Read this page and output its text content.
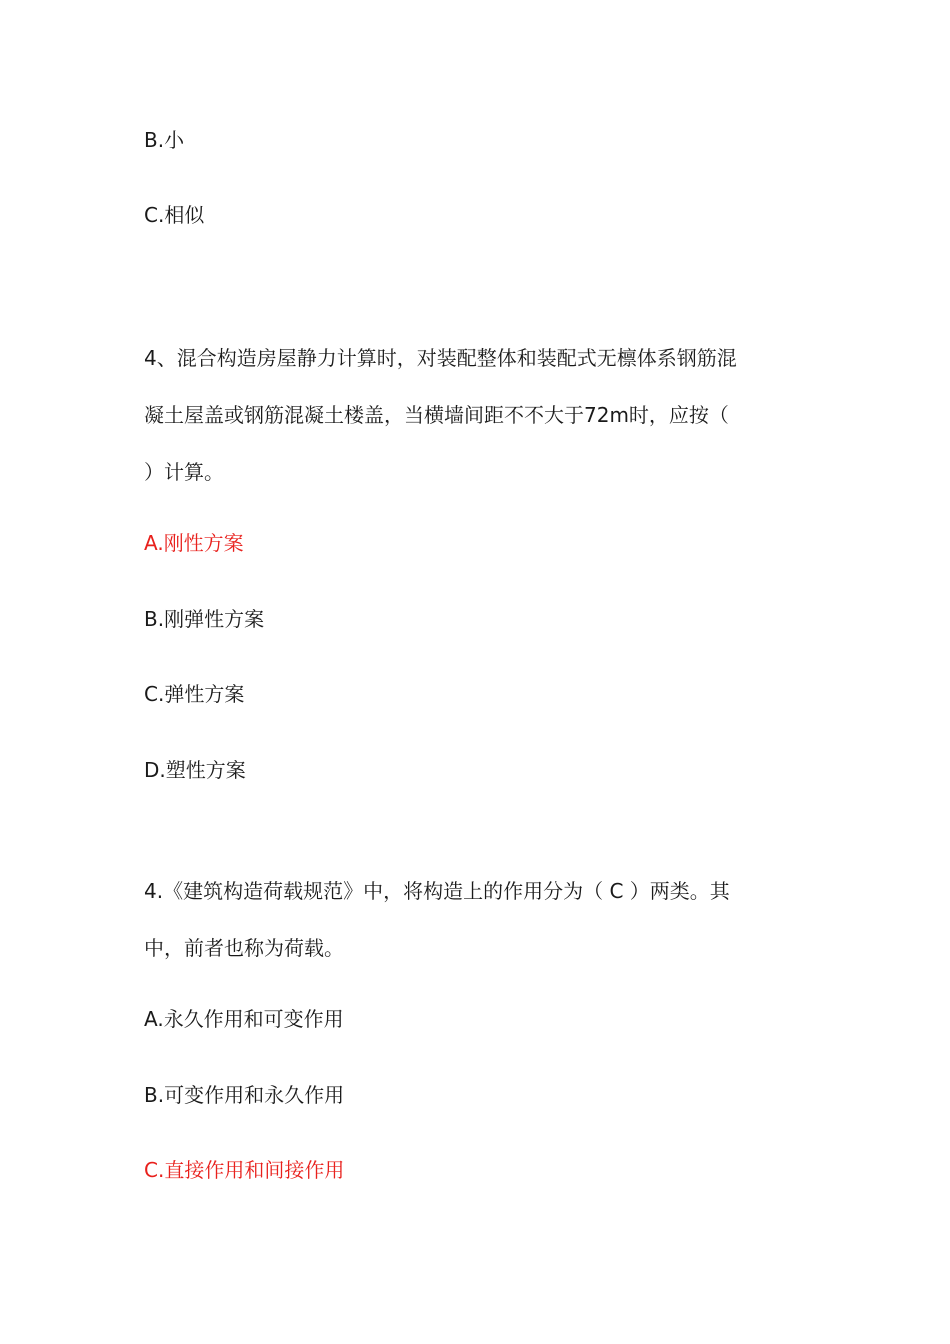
B.小

C.相似

4、混合构造房屋静力计算时，对装配整体和装配式无檩体系钢筋混

凝土屋盖或钢筋混凝土楼盖，当横墙间距不不大于72m时，应按（

）计算。

A.刚性方案

B.刚弹性方案

C.弹性方案

D.塑性方案

4.《建筑构造荷载规范》中，将构造上的作用分为（ C ）两类。其

中，前者也称为荷载。

A.永久作用和可变作用

B.可变作用和永久作用

C.直接作用和间接作用
